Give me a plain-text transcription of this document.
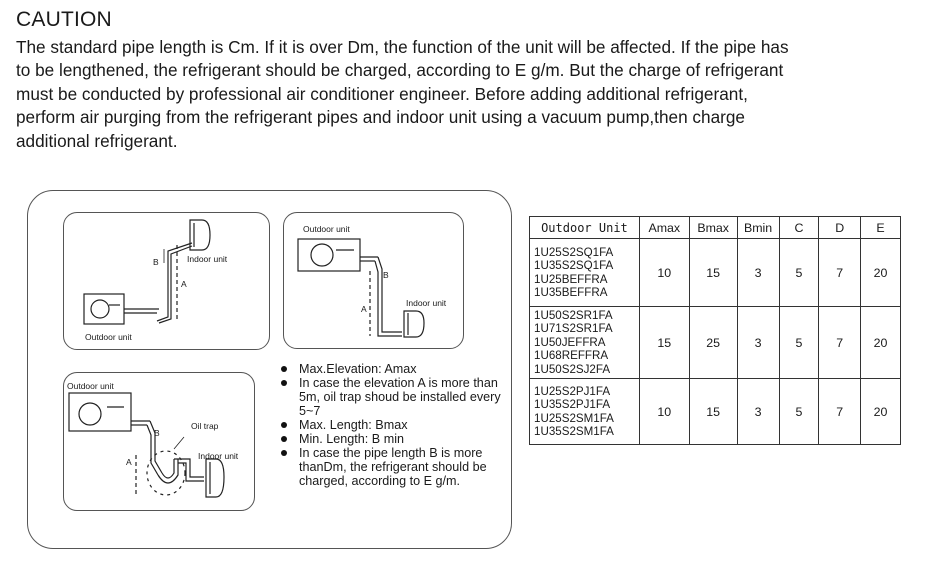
CAUTION
The standard pipe length is Cm. If it is over Dm, the function of the unit will be affected. If the pipe has
to be lengthened, the refrigerant should be charged, according to E g/m. But the charge of refrigerant
must be conducted by professional air conditioner engineer. Before adding additional refrigerant,
perform air purging from the refrigerant pipes and indoor unit using a vacuum pump,then charge
additional refrigerant.
Indoor unit
Outdoor unit
A
B
Outdoor unit
Indoor unit
A
B
Outdoor unit
Oil trap
Indoor unit
A
B
Max.Elevation: Amax
In case the elevation A is more than 5m, oil trap shoud be installed every 5~7
Max. Length: Bmax
Min. Length: B min
In case the pipe length B is more thanDm, the refrigerant should be charged, according to E g/m.
Outdoor Unit	Amax	Bmax	Bmin	C	D	E

1U25S2SQ1FA
1U35S2SQ1FA
1U25BEFFRA
1U35BEFFRA	10	15	3	5	7	20

1U50S2SR1FA
1U71S2SR1FA
1U50JEFFRA
1U68REFFRA
1U50S2SJ2FA	15	25	3	5	7	20

1U25S2PJ1FA
1U35S2PJ1FA
1U25S2SM1FA
1U35S2SM1FA	10	15	3	5	7	20
